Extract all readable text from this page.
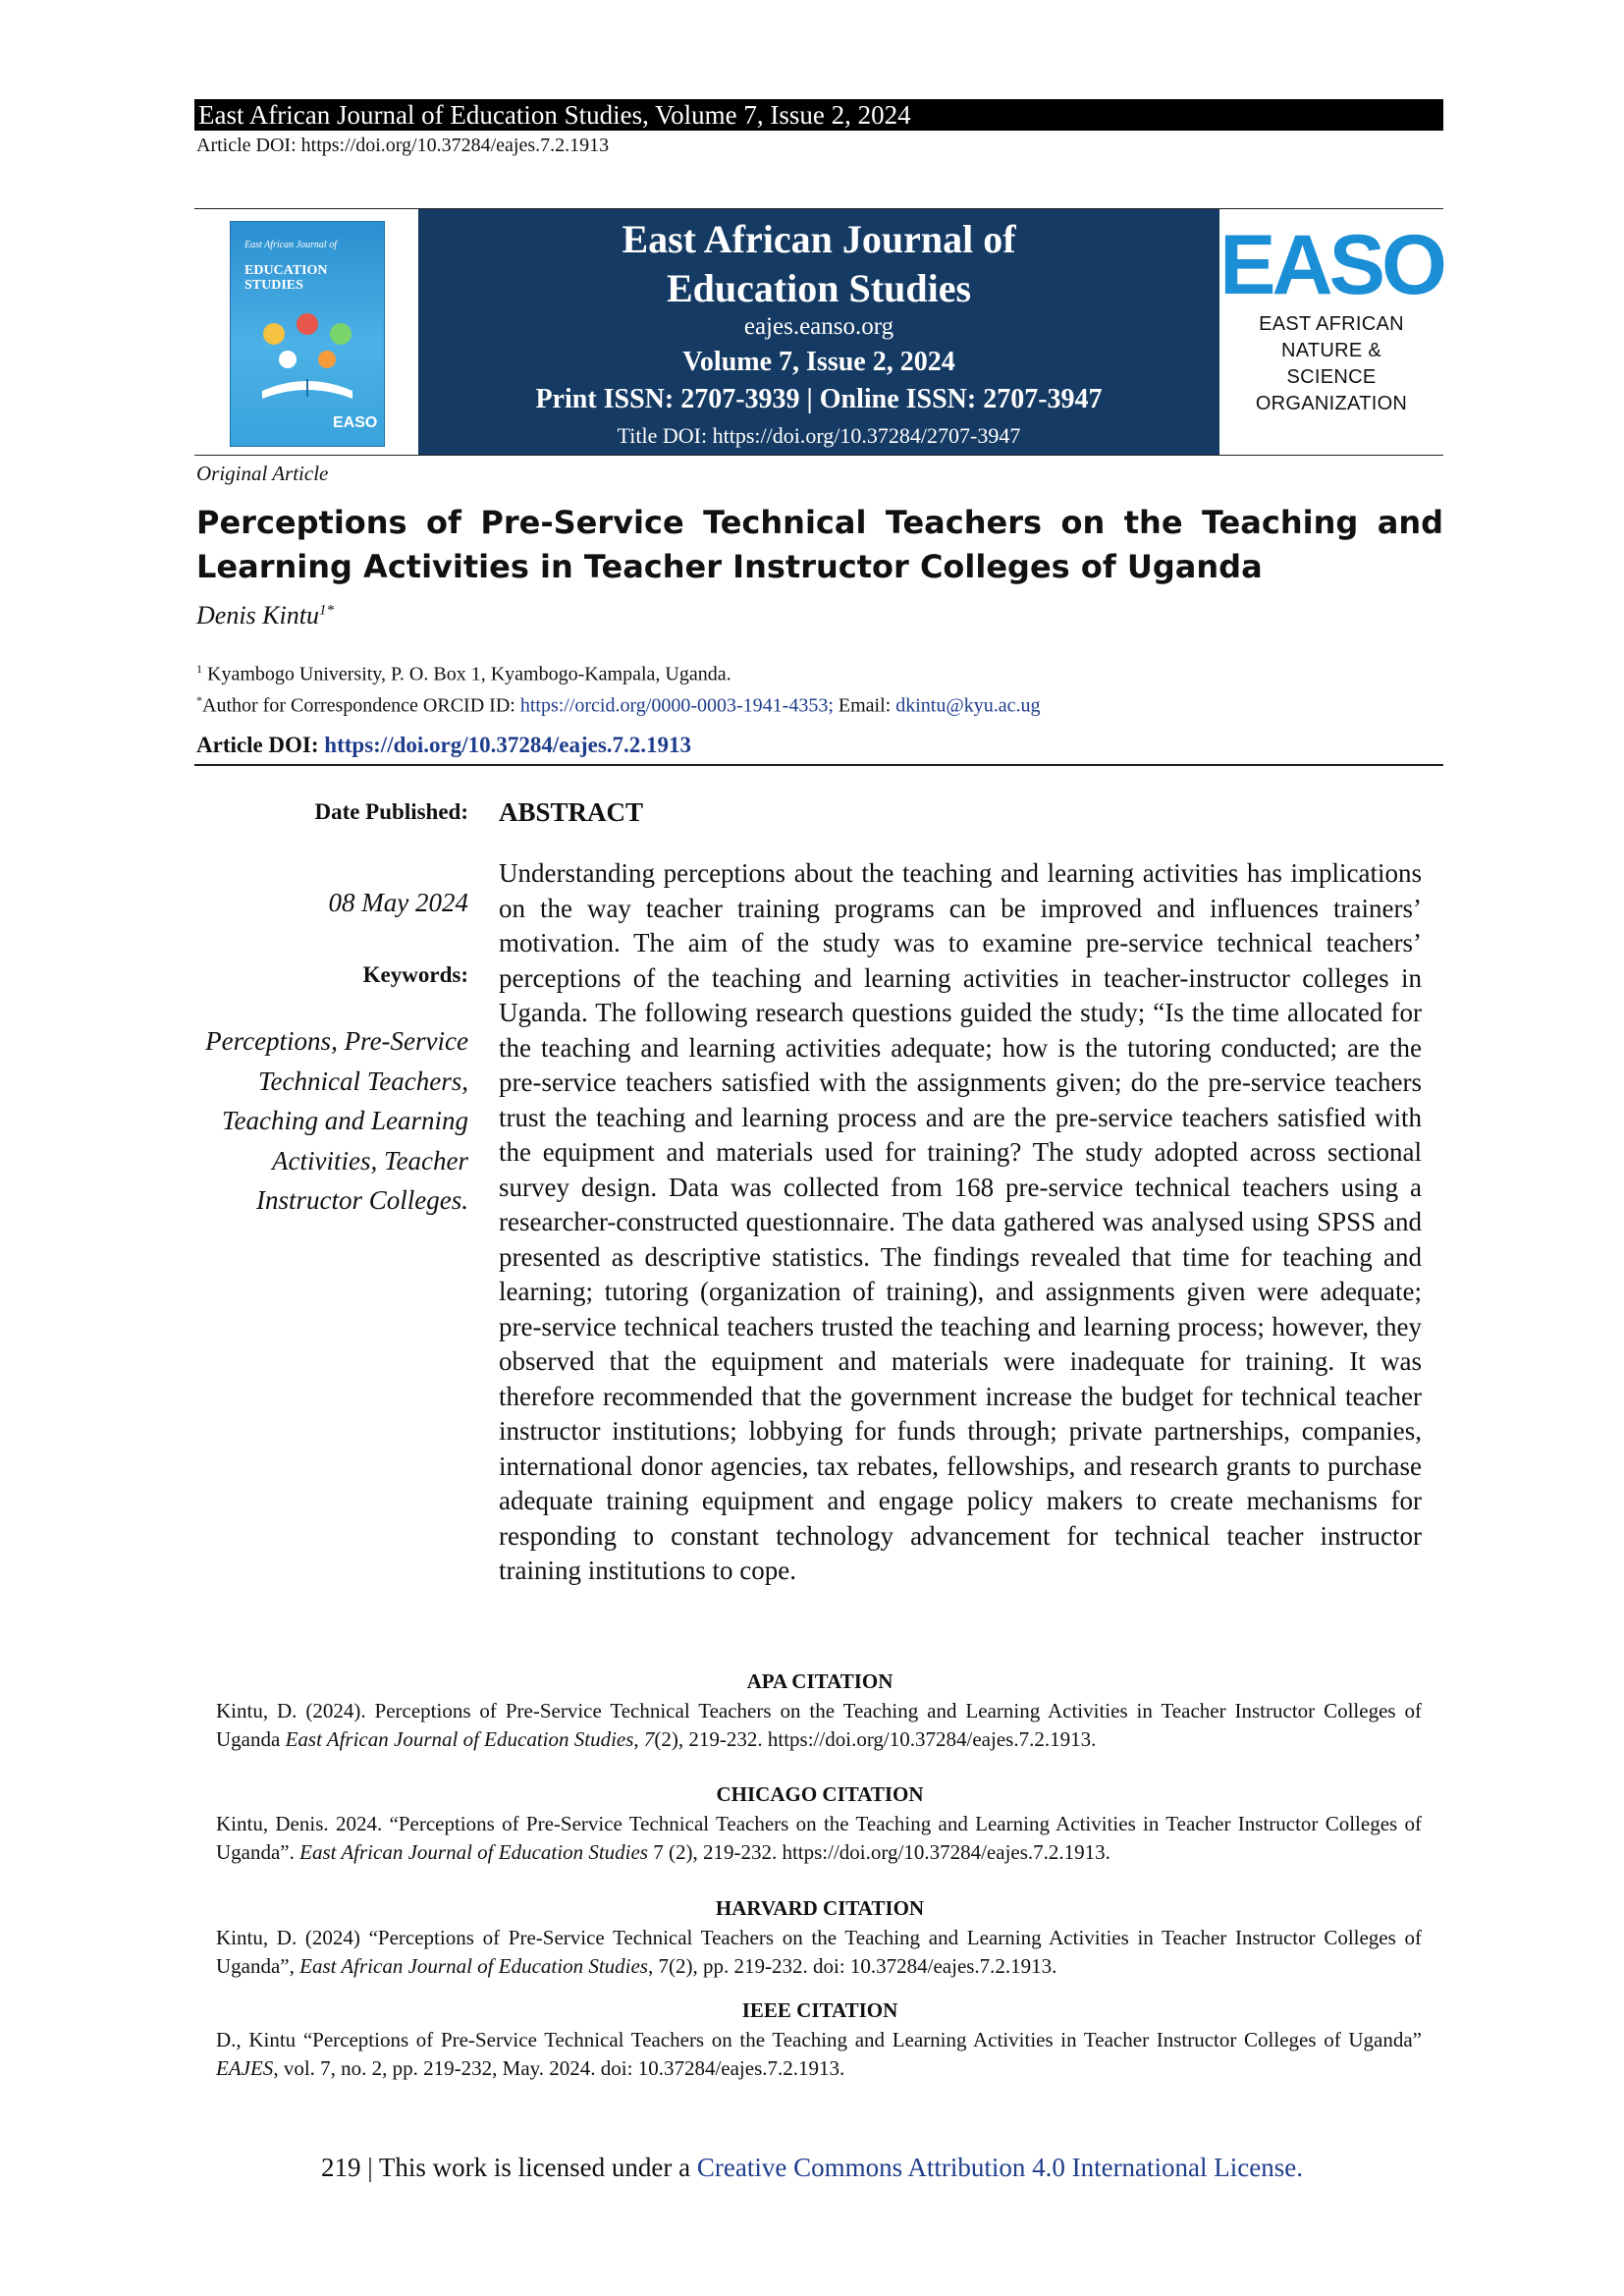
East African Journal of Education Studies, Volume 7, Issue 2, 2024
Article DOI: https://doi.org/10.37284/eajes.7.2.1913
East African Journal of
EDUCATION STUDIES
EASO
East African Journal of Education Studies
eajes.eanso.org
Volume 7, Issue 2, 2024
Print ISSN: 2707-3939 | Online ISSN: 2707-3947
Title DOI: https://doi.org/10.37284/2707-3947
EASO
EAST AFRICAN NATURE & SCIENCE ORGANIZATION
Original Article
Perceptions of Pre-Service Technical Teachers on the Teaching and
Learning Activities in Teacher Instructor Colleges of Uganda
Denis Kintu$^{1*}$
$^1$ Kyambogo University, P. O. Box 1, Kyambogo-Kampala, Uganda.
*Author for Correspondence ORCID ID: https://orcid.org/0000-0003-1941-4353; Email: dkintu@kyu.ac.ug
Article DOI: https://doi.org/10.37284/eajes.7.2.1913
Date Published:
08 May 2024
Keywords:
Perceptions, Pre-Service Technical Teachers, Teaching and Learning Activities, Teacher Instructor Colleges.
ABSTRACT
Understanding perceptions about the teaching and learning activities has implications on the way teacher training programs can be improved and influences trainers’ motivation. The aim of the study was to examine pre-service technical teachers’ perceptions of the teaching and learning activities in teacher-instructor colleges in Uganda. The following research questions guided the study; “Is the time allocated for the teaching and learning activities adequate; how is the tutoring conducted; are the pre-service teachers satisfied with the assignments given; do the pre-service teachers trust the teaching and learning process and are the pre-service teachers satisfied with the equipment and materials used for training? The study adopted across sectional survey design. Data was collected from 168 pre-service technical teachers using a researcher-constructed questionnaire. The data gathered was analysed using SPSS and presented as descriptive statistics. The findings revealed that time for teaching and learning; tutoring (organization of training), and assignments given were adequate; pre-service technical teachers trusted the teaching and learning process; however, they observed that the equipment and materials were inadequate for training. It was therefore recommended that the government increase the budget for technical teacher instructor institutions; lobbying for funds through; private partnerships, companies, international donor agencies, tax rebates, fellowships, and research grants to purchase adequate training equipment and engage policy makers to create mechanisms for responding to constant technology advancement for technical teacher instructor training institutions to cope.
APA CITATION
Kintu, D. (2024). Perceptions of Pre-Service Technical Teachers on the Teaching and Learning Activities in Teacher Instructor Colleges of Uganda East African Journal of Education Studies, 7(2), 219-232. https://doi.org/10.37284/eajes.7.2.1913.
CHICAGO CITATION
Kintu, Denis. 2024. “Perceptions of Pre-Service Technical Teachers on the Teaching and Learning Activities in Teacher Instructor Colleges of Uganda”. East African Journal of Education Studies 7 (2), 219-232. https://doi.org/10.37284/eajes.7.2.1913.
HARVARD CITATION
Kintu, D. (2024) “Perceptions of Pre-Service Technical Teachers on the Teaching and Learning Activities in Teacher Instructor Colleges of Uganda”, East African Journal of Education Studies, 7(2), pp. 219-232. doi: 10.37284/eajes.7.2.1913.
IEEE CITATION
D., Kintu “Perceptions of Pre-Service Technical Teachers on the Teaching and Learning Activities in Teacher Instructor Colleges of Uganda” EAJES, vol. 7, no. 2, pp. 219-232, May. 2024. doi: 10.37284/eajes.7.2.1913.
219 | This work is licensed under a Creative Commons Attribution 4.0 International License.
